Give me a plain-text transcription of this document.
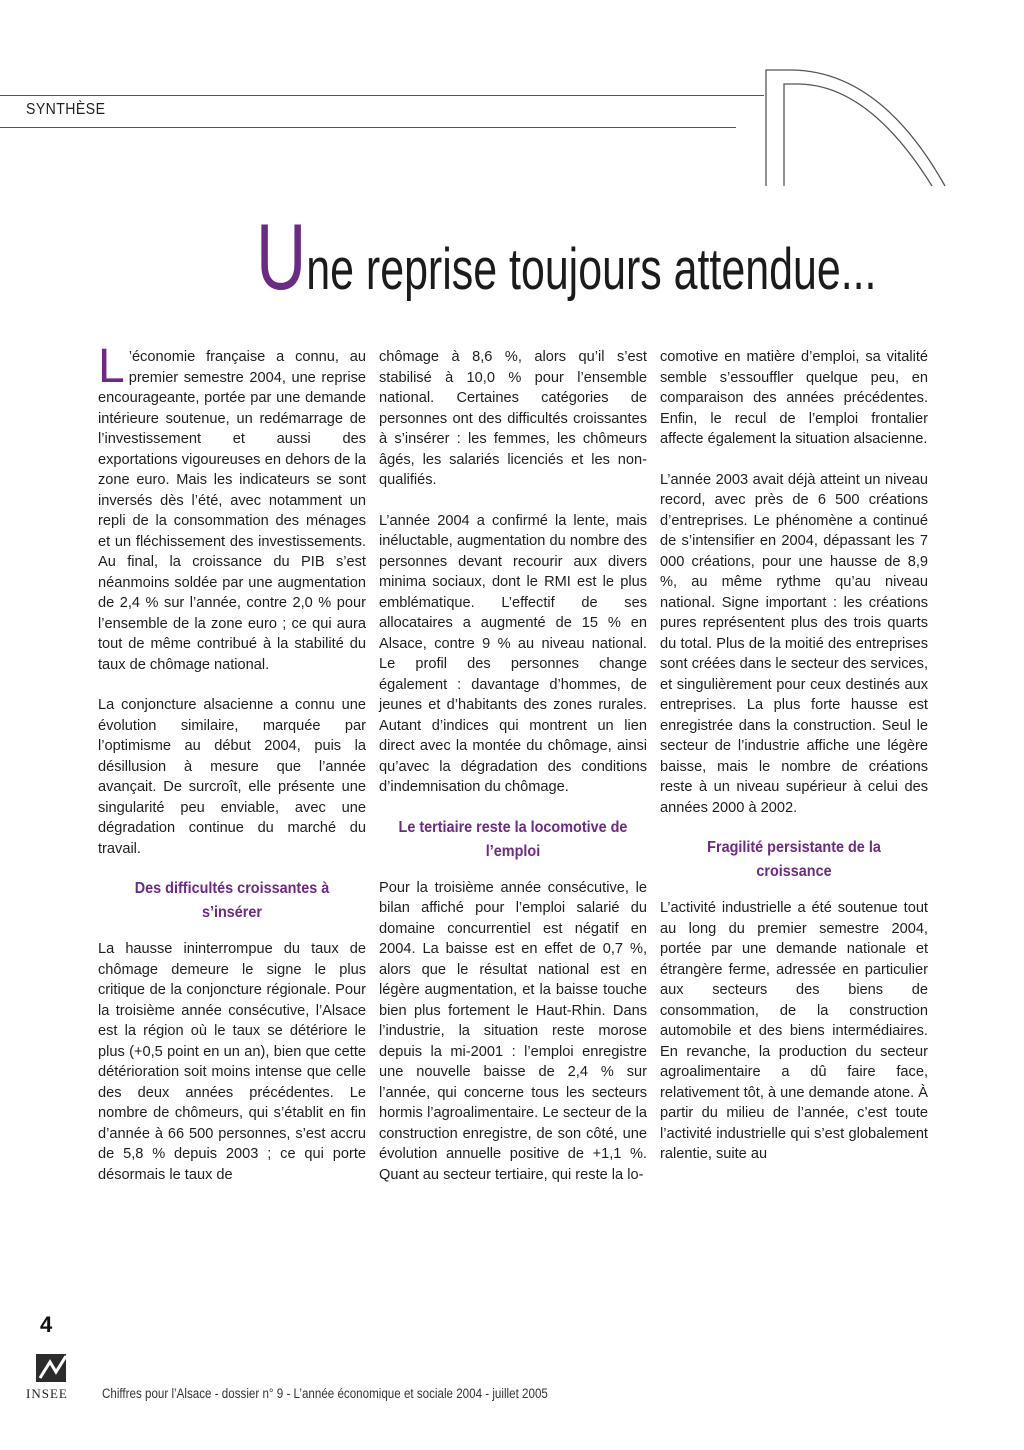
SYNTHÈSE
Une reprise toujours attendue...

L ’économie française a connu, au premier semestre 2004, une reprise encourageante, portée par une demande intérieure soutenue, un redémarrage de l’investissement et aussi des exportations vigoureuses en dehors de la zone euro. Mais les indicateurs se sont inversés dès l’été, avec notamment un repli de la consommation des ménages et un fléchissement des investissements. Au final, la croissance du PIB s’est néanmoins soldée par une augmentation de 2,4 % sur l’année, contre 2,0 % pour l’ensemble de la zone euro ; ce qui aura tout de même contribué à la stabilité du taux de chômage national.

La conjoncture alsacienne a connu une évolution similaire, marquée par l’optimisme au début 2004, puis la désillusion à mesure que l’année avançait. De surcroît, elle présente une singularité peu enviable, avec une dégradation continue du marché du travail.

Des difficultés croissantes à s’insérer

La hausse ininterrompue du taux de chômage demeure le signe le plus critique de la conjoncture régionale. Pour la troisième année consécutive, l’Alsace est la région où le taux se détériore le plus (+0,5 point en un an), bien que cette détérioration soit moins intense que celle des deux années précédentes. Le nombre de chômeurs, qui s’établit en fin d’année à 66 500 personnes, s’est accru de 5,8 % depuis 2003 ; ce qui porte désormais le taux de

chômage à 8,6 %, alors qu’il s’est stabilisé à 10,0 % pour l’ensemble national. Certaines catégories de personnes ont des difficultés croissantes à s’insérer : les femmes, les chômeurs âgés, les salariés licenciés et les non-qualifiés.

L’année 2004 a confirmé la lente, mais inéluctable, augmentation du nombre des personnes devant recourir aux divers minima sociaux, dont le RMI est le plus emblématique. L’effectif de ses allocataires a augmenté de 15 % en Alsace, contre 9 % au niveau national. Le profil des personnes change également : davantage d’hommes, de jeunes et d’habitants des zones rurales. Autant d’indices qui montrent un lien direct avec la montée du chômage, ainsi qu’avec la dégradation des conditions d’indemnisation du chômage.

Le tertiaire reste la locomotive de l’emploi

Pour la troisième année consécutive, le bilan affiché pour l’emploi salarié du domaine concurrentiel est négatif en 2004. La baisse est en effet de 0,7 %, alors que le résultat national est en légère augmentation, et la baisse touche bien plus fortement le Haut-Rhin. Dans l’industrie, la situation reste morose depuis la mi-2001 : l’emploi enregistre une nouvelle baisse de 2,4 % sur l’année, qui concerne tous les secteurs hormis l’agroalimentaire. Le secteur de la construction enregistre, de son côté, une évolution annuelle positive de +1,1 %. Quant au secteur tertiaire, qui reste la lo-

comotive en matière d’emploi, sa vitalité semble s’essouffler quelque peu, en comparaison des années précédentes. Enfin, le recul de l’emploi frontalier affecte également la situation alsacienne.

L’année 2003 avait déjà atteint un niveau record, avec près de 6 500 créations d’entreprises. Le phénomène a continué de s’intensifier en 2004, dépassant les 7 000 créations, pour une hausse de 8,9 %, au même rythme qu’au niveau national. Signe important : les créations pures représentent plus des trois quarts du total. Plus de la moitié des entreprises sont créées dans le secteur des services, et singulièrement pour ceux destinés aux entreprises. La plus forte hausse est enregistrée dans la construction. Seul le secteur de l’industrie affiche une légère baisse, mais le nombre de créations reste à un niveau supérieur à celui des années 2000 à 2002.

Fragilité persistante de la croissance

L’activité industrielle a été soutenue tout au long du premier semestre 2004, portée par une demande nationale et étrangère ferme, adressée en particulier aux secteurs des biens de consommation, de la construction automobile et des biens intermédiaires. En revanche, la production du secteur agroalimentaire a dû faire face, relativement tôt, à une demande atone. À partir du milieu de l’année, c’est toute l’activité industrielle qui s’est globalement ralentie, suite au

4
INSEE	Chiffres pour l’Alsace - dossier n° 9 - L’année économique et sociale 2004 - juillet 2005
